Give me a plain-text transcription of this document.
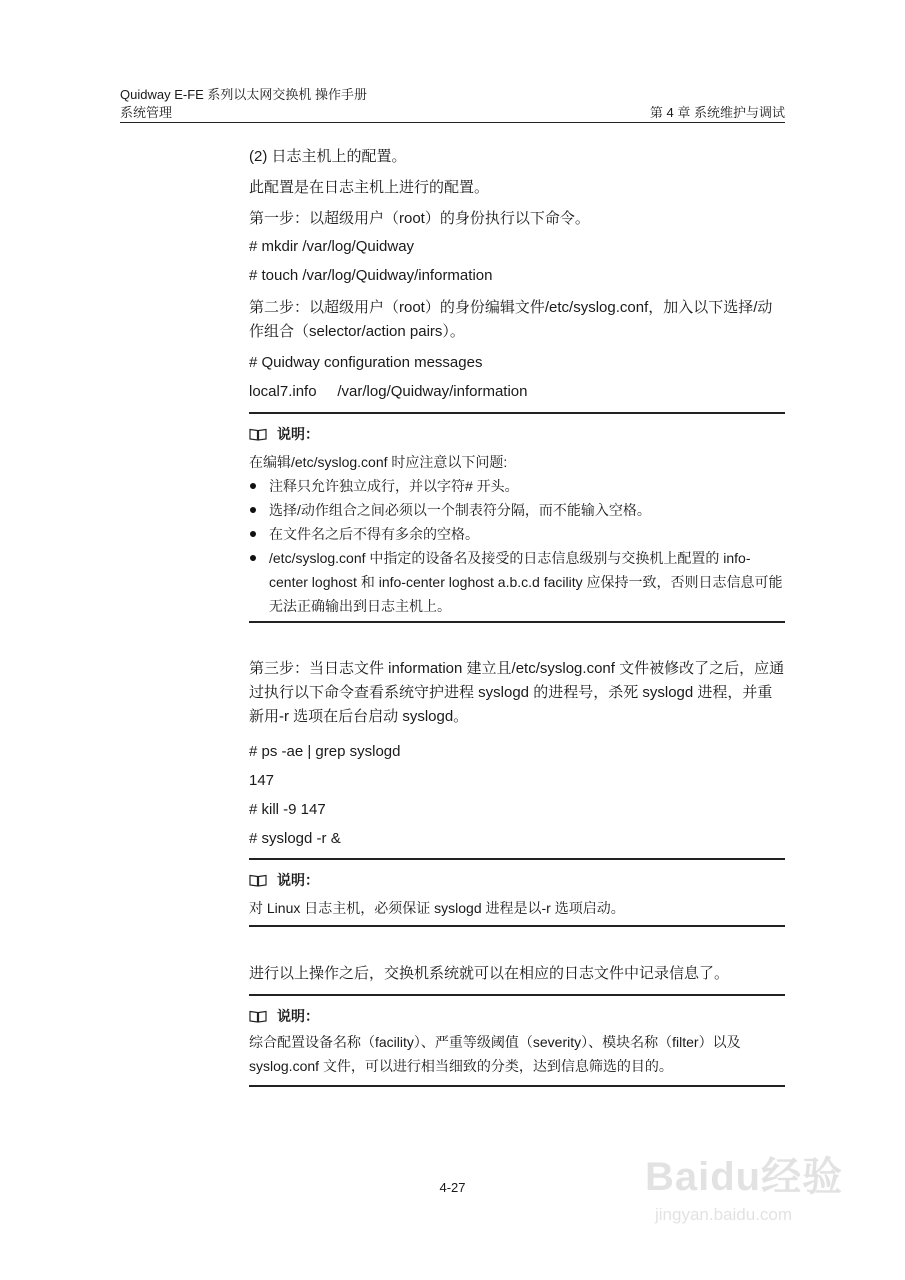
Quidway E-FE 系列以太网交换机 操作手册
系统管理	第 4 章 系统维护与调试
(2) 日志主机上的配置。
此配置是在日志主机上进行的配置。
第一步：以超级用户（root）的身份执行以下命令。
# mkdir /var/log/Quidway
# touch /var/log/Quidway/information
第二步：以超级用户（root）的身份编辑文件/etc/syslog.conf，加入以下选择/动作组合（selector/action pairs）。
# Quidway configuration messages
local7.info     /var/log/Quidway/information
说明：
在编辑/etc/syslog.conf 时应注意以下问题:
注释只允许独立成行，并以字符# 开头。
选择/动作组合之间必须以一个制表符分隔，而不能输入空格。
在文件名之后不得有多余的空格。
/etc/syslog.conf 中指定的设备名及接受的日志信息级别与交换机上配置的 info-center loghost 和 info-center loghost a.b.c.d facility 应保持一致，否则日志信息可能无法正确输出到日志主机上。
第三步：当日志文件 information 建立且/etc/syslog.conf 文件被修改了之后，应通过执行以下命令查看系统守护进程 syslogd 的进程号，杀死 syslogd 进程，并重新用-r 选项在后台启动 syslogd。
# ps -ae | grep syslogd
147
# kill -9 147
# syslogd -r &
说明：
对 Linux 日志主机，必须保证 syslogd 进程是以-r 选项启动。
进行以上操作之后，交换机系统就可以在相应的日志文件中记录信息了。
说明：
综合配置设备名称（facility）、严重等级阈值（severity）、模块名称（filter）以及 syslog.conf 文件，可以进行相当细致的分类，达到信息筛选的目的。
4-27	Baidu经验
jingyan.baidu.com
